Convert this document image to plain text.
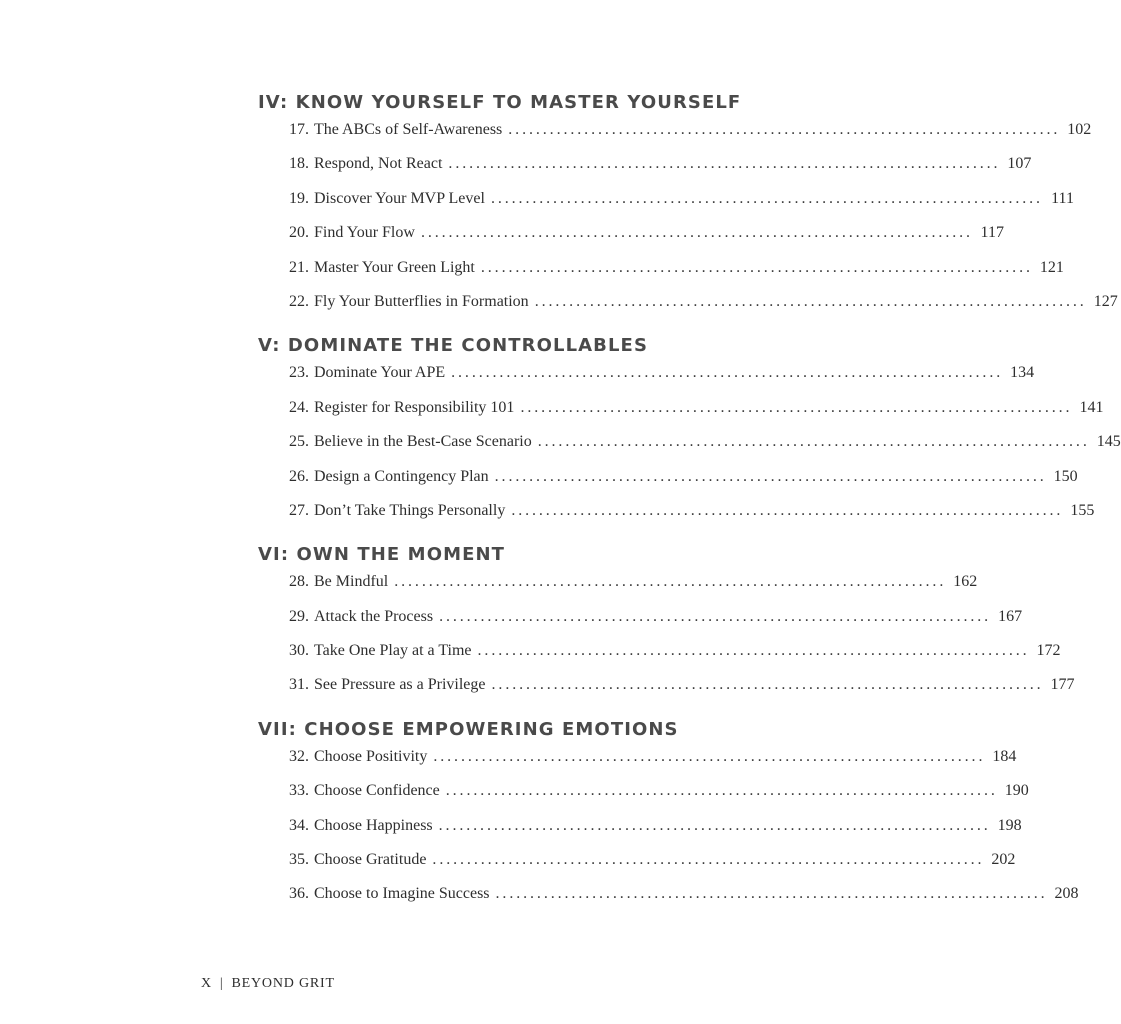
IV: KNOW YOURSELF TO MASTER YOURSELF
17. The ABCs of Self-Awareness ................................................................................ 102
18. Respond, Not React ................................................................................ 107
19. Discover Your MVP Level ................................................................................ 111
20. Find Your Flow ................................................................................ 117
21. Master Your Green Light ................................................................................ 121
22. Fly Your Butterflies in Formation ................................................................................ 127
V: DOMINATE THE CONTROLLABLES
23. Dominate Your APE ................................................................................ 134
24. Register for Responsibility 101 ................................................................................ 141
25. Believe in the Best-Case Scenario ................................................................................ 145
26. Design a Contingency Plan ................................................................................ 150
27. Don’t Take Things Personally ................................................................................ 155
VI: OWN THE MOMENT
28. Be Mindful ................................................................................ 162
29. Attack the Process ................................................................................ 167
30. Take One Play at a Time ................................................................................ 172
31. See Pressure as a Privilege ................................................................................ 177
VII: CHOOSE EMPOWERING EMOTIONS
32. Choose Positivity ................................................................................ 184
33. Choose Confidence ................................................................................ 190
34. Choose Happiness ................................................................................ 198
35. Choose Gratitude ................................................................................ 202
36. Choose to Imagine Success ................................................................................ 208
X | BEYOND GRIT
